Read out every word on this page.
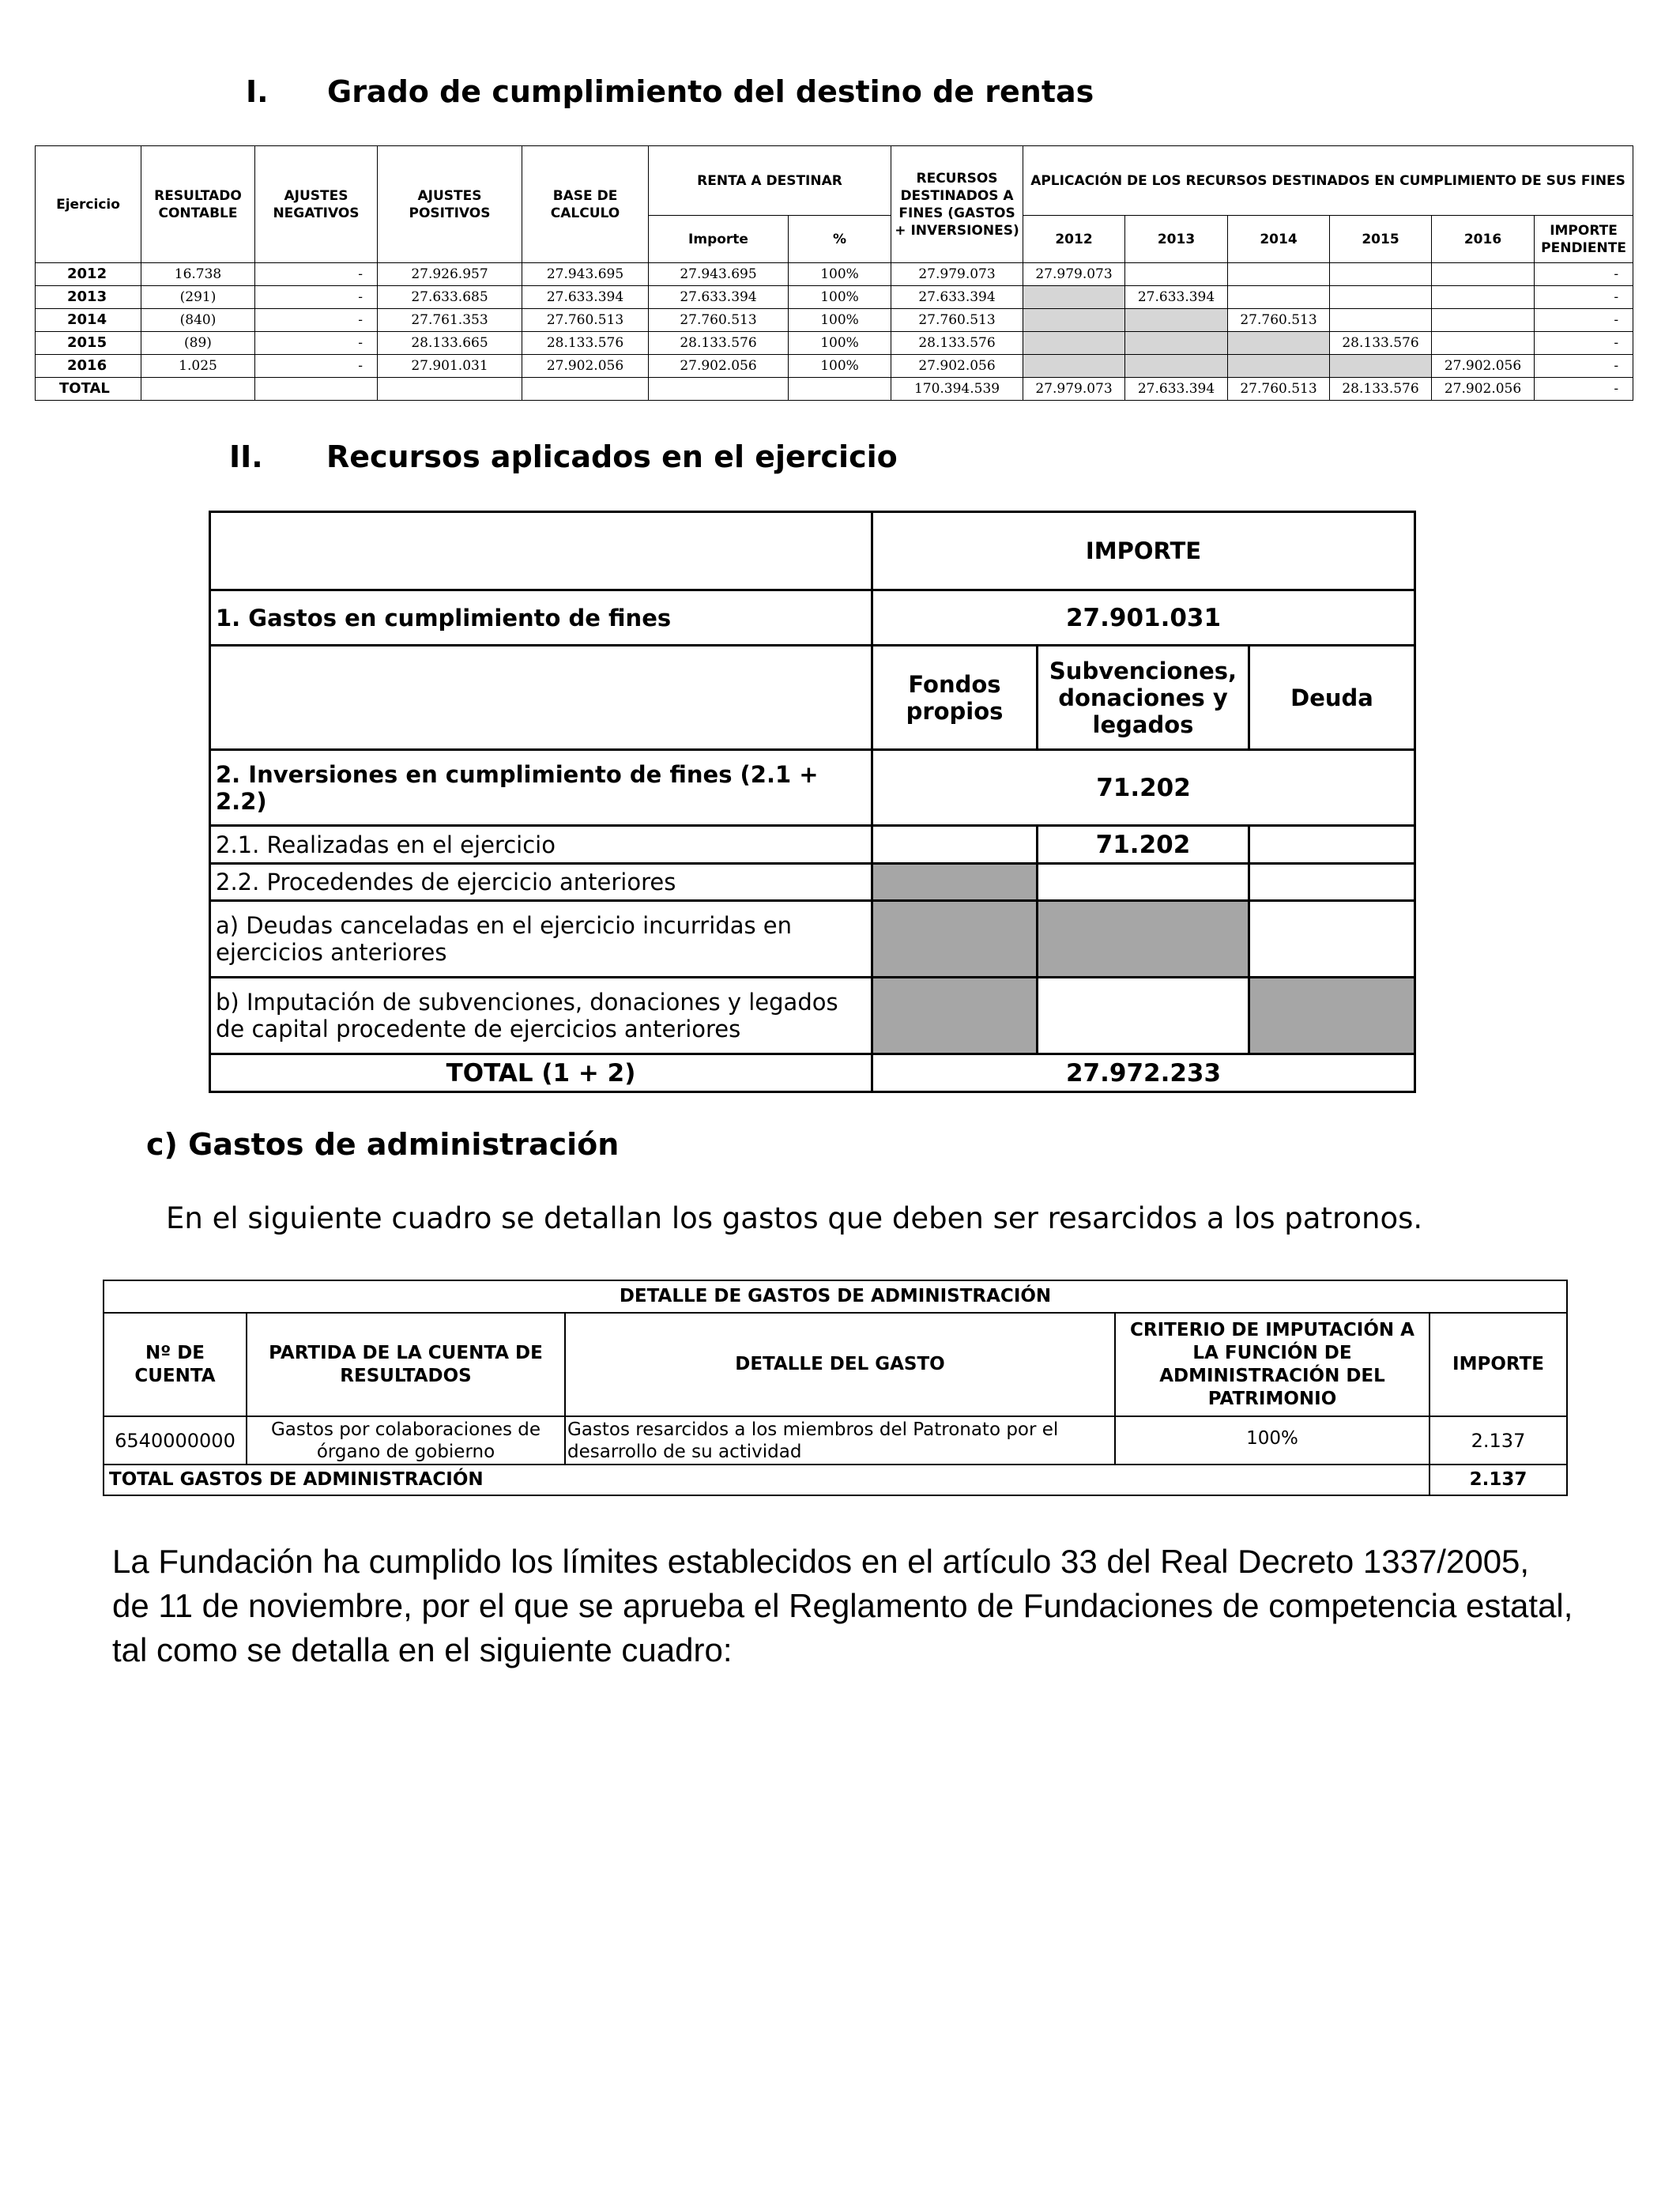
I. Grado de cumplimiento del destino de rentas
Ejercicio	RESULTADO CONTABLE	AJUSTES NEGATIVOS	AJUSTES POSITIVOS	BASE DE CALCULO	RENTA A DESTINAR		RECURSOS DESTINADOS A FINES (GASTOS + INVERSIONES)	APLICACIÓN DE LOS RECURSOS DESTINADOS EN CUMPLIMIENTO DE SUS FINES					
					Importe	%		2012	2013	2014	2015	2016	IMPORTE PENDIENTE
2012	16.738	-	27.926.957	27.943.695	27.943.695	100%	27.979.073	27.979.073					-
2013	(291)	-	27.633.685	27.633.394	27.633.394	100%	27.633.394		27.633.394				-
2014	(840)	-	27.761.353	27.760.513	27.760.513	100%	27.760.513			27.760.513			-
2015	(89)	-	28.133.665	28.133.576	28.133.576	100%	28.133.576				28.133.576		-
2016	1.025	-	27.901.031	27.902.056	27.902.056	100%	27.902.056					27.902.056	-
TOTAL							170.394.539	27.979.073	27.633.394	27.760.513	28.133.576	27.902.056	-
II. Recursos aplicados en el ejercicio
	IMPORTE		
1. Gastos en cumplimiento de fines	27.901.031		
	Fondos propios	Subvenciones, donaciones y legados	Deuda
2. Inversiones en cumplimiento de fines (2.1 + 2.2)	71.202		
2.1. Realizadas en el ejercicio		71.202	
2.2. Procedendes de ejercicio anteriores			
a) Deudas canceladas en el ejercicio incurridas en ejercicios anteriores			
b) Imputación de subvenciones, donaciones y legados de capital procedente de ejercicios anteriores			
TOTAL (1 + 2)	27.972.233		
c) Gastos de administración
En el siguiente cuadro se detallan los gastos que deben ser resarcidos a los patronos.
DETALLE DE GASTOS DE ADMINISTRACIÓN				
Nº DE CUENTA	PARTIDA DE LA CUENTA DE RESULTADOS	DETALLE DEL GASTO	CRITERIO DE IMPUTACIÓN A LA FUNCIÓN DE ADMINISTRACIÓN DEL PATRIMONIO	IMPORTE
6540000000	Gastos por colaboraciones de órgano de gobierno	Gastos resarcidos a los miembros del Patronato por el desarrollo de su actividad	100%	2.137
TOTAL GASTOS DE ADMINISTRACIÓN				2.137
La Fundación ha cumplido los límites establecidos en el artículo 33 del Real Decreto 1337/2005,
de 11 de noviembre, por el que se aprueba el Reglamento de Fundaciones de competencia estatal,
tal como se detalla en el siguiente cuadro:
